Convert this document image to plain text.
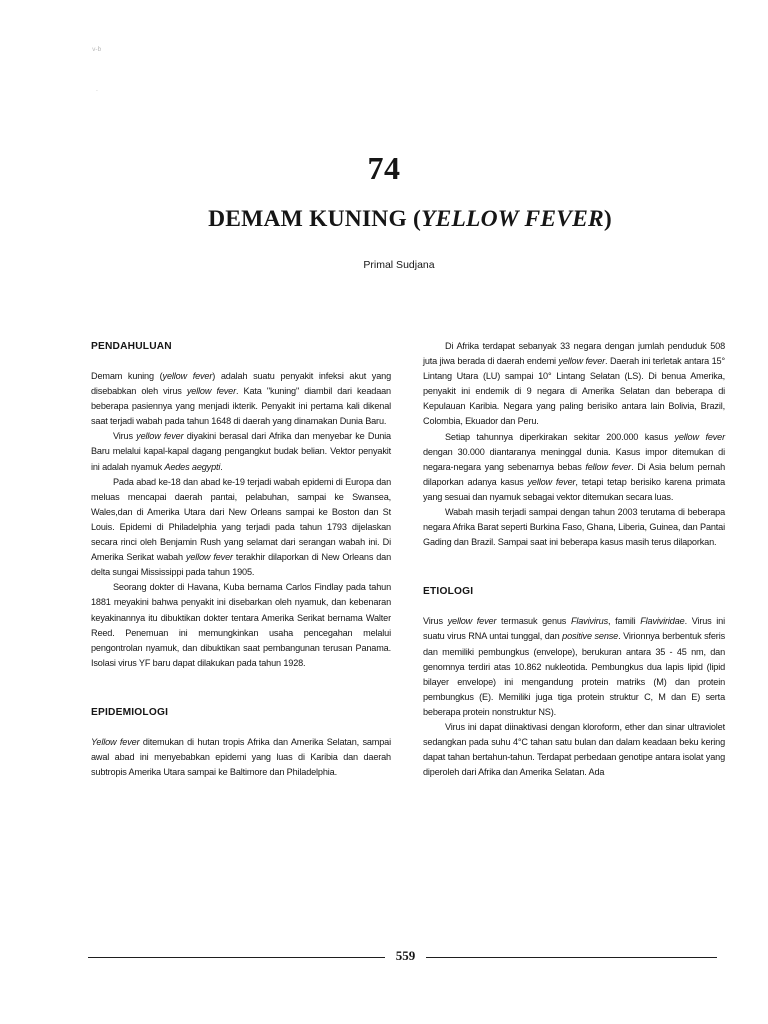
v-b
·
74
DEMAM KUNING (YELLOW FEVER)
Primal Sudjana
PENDAHULUAN

Demam kuning (yellow fever) adalah suatu penyakit infeksi akut yang disebabkan oleh virus yellow fever. Kata "kuning" diambil dari keadaan beberapa pasiennya yang menjadi ikterik. Penyakit ini pertama kali dikenal saat terjadi wabah pada tahun 1648 di daerah yang dinamakan Dunia Baru.

Virus yellow fever diyakini berasal dari Afrika dan menyebar ke Dunia Baru melalui kapal-kapal dagang pengangkut budak belian. Vektor penyakit ini adalah nyamuk Aedes aegypti.

Pada abad ke-18 dan abad ke-19 terjadi wabah epidemi di Europa dan meluas mencapai daerah pantai, pelabuhan, sampai ke Swansea, Wales,dan di Amerika Utara dari New Orleans sampai ke Boston dan St Louis. Epidemi di Philadelphia yang terjadi pada tahun 1793 dijelaskan secara rinci oleh Benjamin Rush yang selamat dari serangan wabah ini. Di Amerika Serikat wabah yellow fever terakhir dilaporkan di New Orleans dan delta sungai Mississippi pada tahun 1905.

Seorang dokter di Havana, Kuba bernama Carlos Findlay pada tahun 1881 meyakini bahwa penyakit ini disebarkan oleh nyamuk, dan kebenaran keyakinannya itu dibuktikan dokter tentara Amerika Serikat bernama Walter Reed. Penemuan ini memungkinkan usaha pencegahan melalui pengontrolan nyamuk, dan dibuktikan saat pembangunan terusan Panama. Isolasi virus YF baru dapat dilakukan pada tahun 1928.

EPIDEMIOLOGI

Yellow fever ditemukan di hutan tropis Afrika dan Amerika Selatan, sampai awal abad ini menyebabkan epidemi yang luas di Karibia dan daerah subtropis Amerika Utara sampai ke Baltimore dan Philadelphia.

Di Afrika terdapat sebanyak 33 negara dengan jumlah penduduk 508 juta jiwa berada di daerah endemi yellow fever. Daerah ini terletak antara 15° Lintang Utara (LU) sampai 10° Lintang Selatan (LS). Di benua Amerika, penyakit ini endemik di 9 negara di Amerika Selatan dan beberapa di Kepulauan Karibia. Negara yang paling berisiko antara lain Bolivia, Brazil, Colombia, Ekuador dan Peru.

Setiap tahunnya diperkirakan sekitar 200.000 kasus yellow fever dengan 30.000 diantaranya meninggal dunia. Kasus impor ditemukan di negara-negara yang sebenarnya bebas fellow fever. Di Asia belum pernah dilaporkan adanya kasus yellow fever, tetapi tetap berisiko karena primata yang sesuai dan nyamuk sebagai vektor ditemukan secara luas.

Wabah masih terjadi sampai dengan tahun 2003 terutama di beberapa negara Afrika Barat seperti Burkina Faso, Ghana, Liberia, Guinea, dan Pantai Gading dan Brazil. Sampai saat ini beberapa kasus masih terus dilaporkan.

ETIOLOGI

Virus yellow fever termasuk genus Flavivirus, famili Flaviviridae. Virus ini suatu virus RNA untai tunggal, dan positive sense. Virionnya berbentuk sferis dan memiliki pembungkus (envelope), berukuran antara 35 - 45 nm, dan genomnya terdiri atas 10.862 nukleotida. Pembungkus dua lapis lipid (lipid bilayer envelope) ini mengandung protein matriks (M) dan protein pembungkus (E). Memiliki juga tiga protein struktur C, M dan E) serta beberapa protein nonstruktur NS).

Virus ini dapat diinaktivasi dengan kloroform, ether dan sinar ultraviolet sedangkan pada suhu 4°C tahan satu bulan dan dalam keadaan beku kering dapat tahan bertahun-tahun. Terdapat perbedaan genotipe antara isolat yang diperoleh dari Afrika dan Amerika Selatan. Ada

559
